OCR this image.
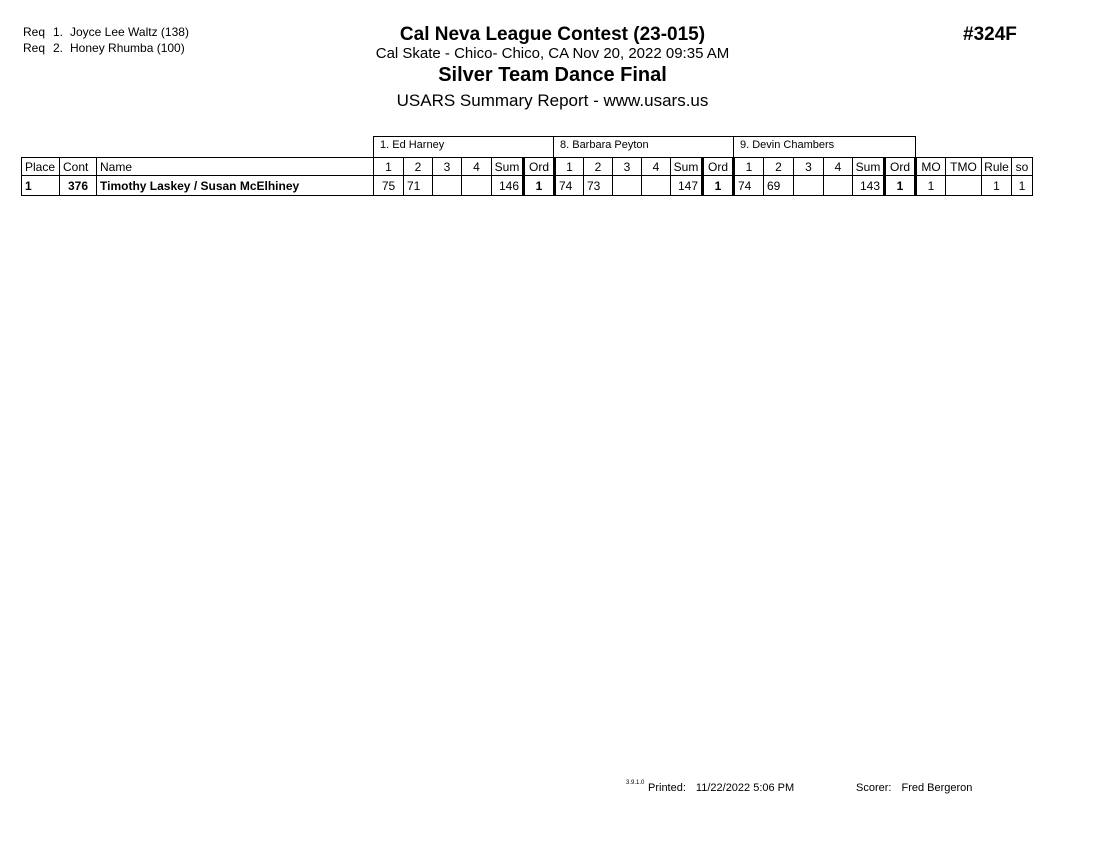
Req 1. Joyce Lee Waltz (138)
Req 2. Honey Rhumba (100)
Cal Neva League Contest (23-015)
Cal Skate - Chico- Chico, CA Nov 20, 2022 09:35 AM
Silver Team Dance Final
USARS Summary Report - www.usars.us
#324F
1. Ed Harney	8. Barbara Peyton	9. Devin Chambers
Place	Cont	Name	1	2	3	4	Sum	Ord	1	2	3	4	Sum	Ord	1	2	3	4	Sum	Ord	MO	TMO	Rule	so
1	376	Timothy Laskey / Susan McElhiney	75	71			146	1	74	73			147	1	74	69			143	1	1		1	1
3.9.1.0 Printed: 11/22/2022 5:06 PM	Scorer: Fred Bergeron
